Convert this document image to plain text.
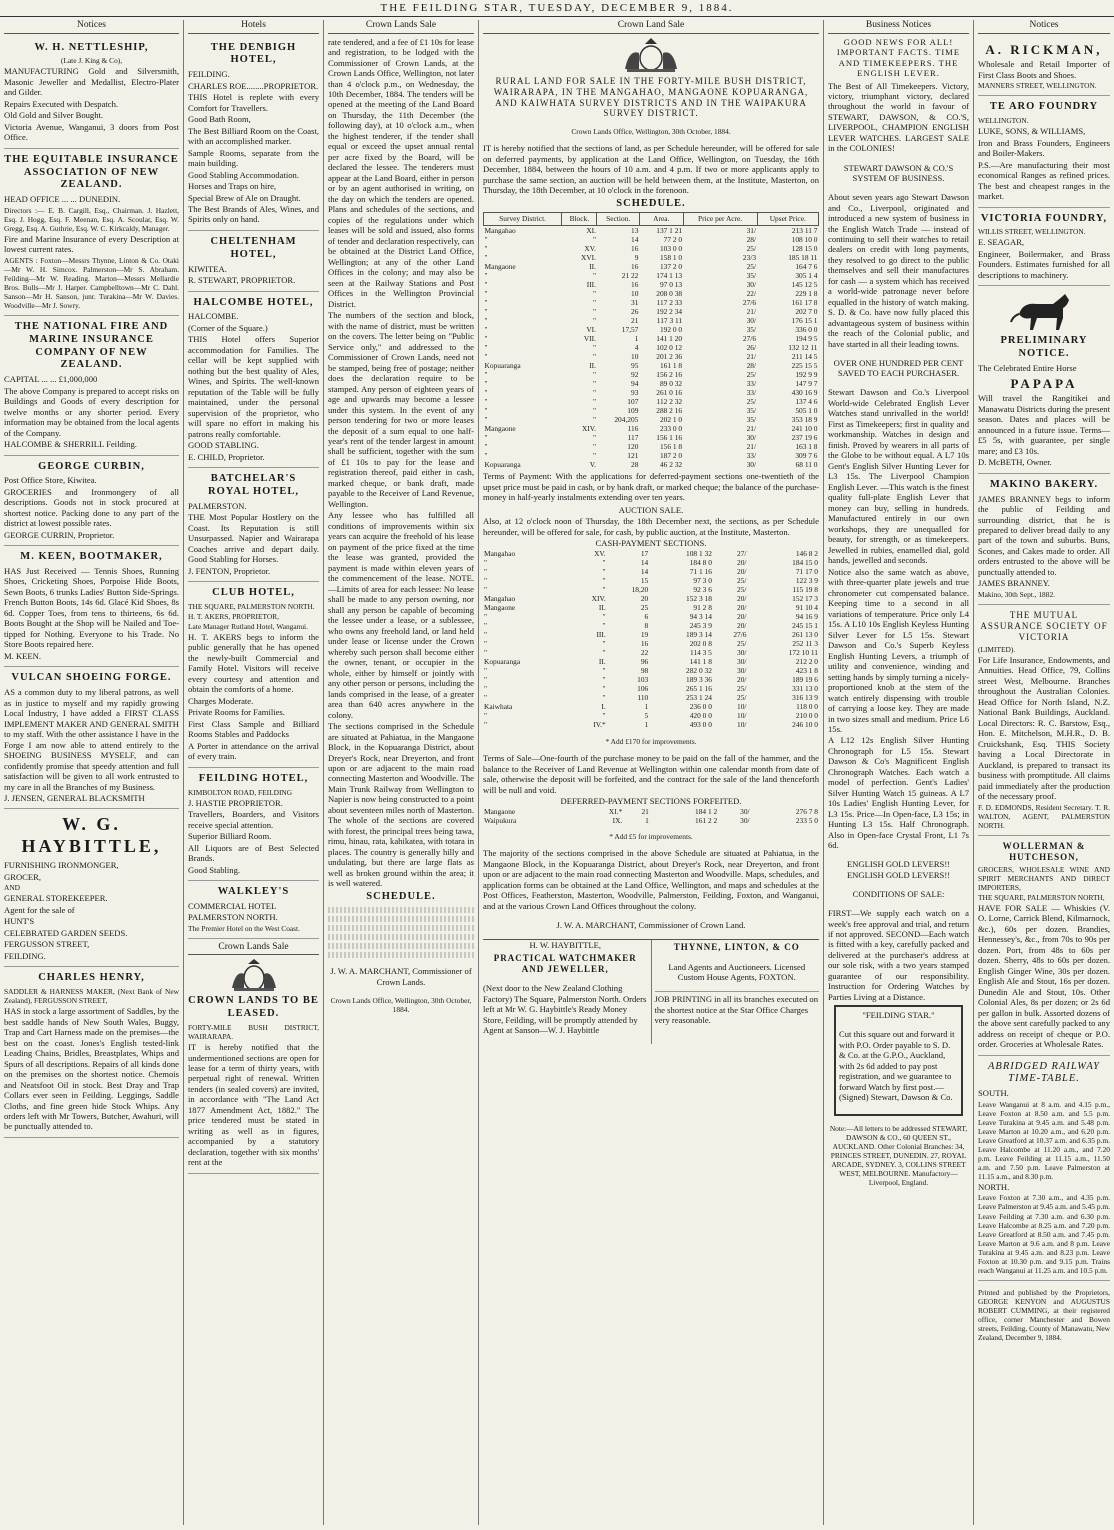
THE FEILDING STAR, TUESDAY, DECEMBER 9, 1884.
Notices
W. H. NETTLESHIP,
(Late J. King & Co),

MANUFACTURING Gold and Silversmith, Masonic Jeweller and Medallist, Electro-Plater and Gilder.

Repairs Executed with Despatch.

Old Gold and Silver Bought.

Victoria Avenue, Wanganui, 3 doors from Post Office.

THE EQUITABLE INSURANCE ASSOCIATION OF NEW ZEALAND.

HEAD OFFICE ... ... DUNEDIN.

Directors :— E. B. Cargill, Esq., Chairman. J. Hazlett, Esq. J. Hogg, Esq. F. Meenan, Esq. A. Scoular, Esq. W. Gregg, Esq. A. Guthrie, Esq. W. C. Kirkcaldy, Manager.

Fire and Marine Insurance of every Description at lowest current rates.

AGENTS : Foxton—Messrs Thynne, Linton & Co. Otaki—Mr W. H. Simcox. Palmerston—Mr S. Abraham. Feilding—Mr W. Reading. Marton—Messrs Mellardie Bros. Bulls—Mr J. Harper. Campbelltown—Mr C. Dahl. Sanson—Mr H. Sanson, junr. Turakina—Mr W. Davies. Woodville—Mr J. Sowry.

THE NATIONAL FIRE AND MARINE INSURANCE COMPANY OF NEW ZEALAND.

CAPITAL ... ... £1,000,000

The above Company is prepared to accept risks on Buildings and Goods of every description for twelve months or any shorter period. Every information may be obtained from the local agents of the Company.

HALCOMBE & SHERRILL Feilding.

GEORGE CURBIN,

Post Office Store, Kiwitea.

GROCERIES and Ironmongery of all descriptions. Goods not in stock procured at shortest notice. Packing done to any part of the district at lowest possible rates.

GEORGE CURRIN, Proprietor.

M. KEEN, BOOTMAKER,

HAS Just Received — Tennis Shoes, Running Shoes, Cricketing Shoes, Porpoise Hide Boots, Sewn Boots, 6 trunks Ladies' Button Side-Springs. French Button Boots, 14s 6d. Glacé Kid Shoes, 8s 6d. Copper Toes, from tens to thirteens, 6s 6d. Boots Bought at the Shop will be Nailed and Toe-tipped for Nothing. Everyone to his Trade. No Store Boots repaired here.

M. KEEN.

VULCAN SHOEING FORGE.

AS a common duty to my liberal patrons, as well as in justice to myself and my rapidly growing Local Industry, I have added a FIRST CLASS IMPLEMENT MAKER AND GENERAL SMITH to my staff. With the other assistance I have in the Forge I am now able to attend entirely to the SHOEING BUSINESS MYSELF, and can confidently promise that speedy attention and full satisfaction will be given to all work entrusted to my care in all the Branches of my Business.

J. JENSEN, GENERAL BLACKSMITH

W. G. HAYBITTLE,

FURNISHING IRONMONGER,

GROCER,

AND

GENERAL STOREKEEPER.

Agent for the sale of

HUNT'S

CELEBRATED GARDEN SEEDS.

FERGUSSON STREET,

FEILDING.

CHARLES HENRY,

SADDLER & HARNESS MAKER, (Next Bank of New Zealand), FERGUSSON STREET,

HAS in stock a large assortment of Saddles, by the best saddle hands of New South Wales, Buggy, Trap and Cart Harness made on the premises—the best on the coast. Jones's English tested-link Leading Chains, Bridles, Breastplates, Whips and Spurs of all descriptions. Repairs of all kinds done on the premises on the shortest notice. Chemois and Neatsfoot Oil in stock. Best Dray and Trap Collars ever seen in Feilding. Leggings, Saddle Cloths, and fine green hide Stock Whips. Any orders left with Mr Towers, Butcher, Awahuri, will be punctually attended to.

Hotels
THE DENBIGH HOTEL,

FEILDING.

CHARLES ROE........PROPRIETOR.

THIS Hotel is replete with every Comfort for Travellers.

Good Bath Room,

The Best Billiard Room on the Coast, with an accomplished marker.

Sample Rooms, separate from the main building.

Good Stabling Accommodation.

Horses and Traps on hire,

Special Brew of Ale on Draught.

The Best Brands of Ales, Wines, and Spirits only on hand.

CHELTENHAM HOTEL,

KIWITEA.

R. STEWART, PROPRIETOR.

HALCOMBE HOTEL,

HALCOMBE.

(Corner of the Square.)

THIS Hotel offers Superior accommodation for Families. The cellar will be kept supplied with nothing but the best quality of Ales, Wines, and Spirits. The well-known reputation of the Table will be fully maintained, under the personal supervision of the proprietor, who will spare no effort in making his patrons really comfortable.

GOOD STABLING.

E. CHILD, Proprietor.

BATCHELAR'S ROYAL HOTEL,

PALMERSTON.

THE Most Popular Hostlery on the Coast. Its Reputation is still Unsurpassed. Napier and Wairarapa Coaches arrive and depart daily. Good Stabling for Horses.

J. FENTON, Proprietor.

CLUB HOTEL,

THE SQUARE, PALMERSTON NORTH.

H. T. AKERS, PROPRIETOR,

Late Manager Rutland Hotel, Wanganui.

H. T. AKERS begs to inform the public generally that he has opened the newly-built Commercial and Family Hotel. Visitors will receive every courtesy and attention and obtain the comforts of a home.

Charges Moderate.

Private Rooms for Families.

First Class Sample and Billiard Rooms Stables and Paddocks

A Porter in attendance on the arrival of every train.

FEILDING HOTEL,

KIMBOLTON ROAD, FEILDING

J. HASTIE PROPRIETOR.

Travellers, Boarders, and Visitors receive special attention.

Superior Billiard Room.

All Liquors are of Best Selected Brands.

Good Stabling.

WALKLEY'S

COMMERCIAL HOTEL

PALMERSTON NORTH.

The Premier Hotel on the West Coast.

Crown Lands Sale
CROWN LANDS TO BE LEASED.

FORTY-MILE BUSH DISTRICT, WAIRARAPA.

IT is hereby notified that the undermentioned sections are open for lease for a term of thirty years, with perpetual right of renewal. Written tenders (in sealed covers) are invited, in accordance with "The Land Act 1877 Amendment Act, 1882." The price tendered must be stated in writing as well as in figures, accompanied by a statutory declaration, together with six months' rent at the

Crown Lands Sale

rate tendered, and a fee of £1 10s for lease and registration, to be lodged with the Commissioner of Crown Lands, at the Crown Lands Office, Wellington, not later than 4 o'clock p.m., on Wednesday, the 10th December, 1884. The tenders will be opened at the meeting of the Land Board on Thursday, the 11th December (the following day), at 10 o'clock a.m., when the highest tenderer, if the tender shall equal or exceed the upset annual rental per acre fixed by the Board, will be declared the lessee. The tenderers must appear at the Land Board, either in person or by an agent authorised in writing, on the day on which the tenders are opened. Plans and schedules of the sections, and copies of the regulations under which leases will be sold and issued, also forms of tender and declaration respectively, can be obtained at the District Land Office, Wellington; at any of the other Land Offices in the colony; and may also be seen at the Railway Stations and Post Offices in the Wellington Provincial District.

The numbers of the section and block, with the name of district, must be written on the covers. The letter being on "Public Service only," and addressed to the Commissioner of Crown Lands, need not be stamped, being free of postage; neither does the declaration require to be stamped. Any person of eighteen years of age and upwards may become a lessee under this system. In the event of any person tendering for two or more leases the deposit of a sum equal to one half-year's rent of the tender largest in amount shall be sufficient, together with the sum of £1 10s to pay for the lease and registration thereof, paid either in cash, marked cheque, or bank draft, made payable to the Receiver of Land Revenue, Wellington.

Any lessee who has fulfilled all conditions of improvements within six years can acquire the freehold of his lease on payment of the price fixed at the time the lease was granted, provided the payment is made within eleven years of the commencement of the lease. NOTE.—Limits of area for each lessee: No lease shall be made to any person owning, nor shall any person be capable of becoming the lessee under a lease, or a sublessee, who owns any freehold land, or land held under lease or license under the Crown whereby such person shall become either the owner, tenant, or occupier in the whole, either by himself or jointly with any other person or persons, including the lands comprised in the lease, of a greater area than 640 acres anywhere in the colony.

The sections comprised in the Schedule are situated at Pahiatua, in the Mangaone Block, in the Kopuaranga District, about Dreyer's Rock, near Dreyerton, and front upon or are adjacent to the main road connecting Masterton and Woodville. The Main Trunk Railway from Wellington to Napier is now being constructed to a point about seventeen miles north of Masterton. The whole of the sections are covered with forest, the principal trees being tawa, rimu, hinau, rata, kahikatea, with totara in places. The country is generally hilly and undulating, but there are large flats as well as broken ground within the area; it is well watered.

SCHEDULE.

J. W. A. MARCHANT, Commissioner of Crown Lands.

Crown Lands Office, Wellington, 30th October, 1884.

Crown Land Sale
RURAL LAND FOR SALE IN THE FORTY-MILE BUSH DISTRICT, WAIRARAPA, IN THE MANGAHAO, MANGAONE KOPUARANGA, AND KAIWHATA SURVEY DISTRICTS AND IN THE WAIPAKURA SURVEY DISTRICT.

Crown Lands Office, Wellington, 30th October, 1884.

IT is hereby notified that the sections of land, as per Schedule hereunder, will be offered for sale on deferred payments, by application at the Land Office, Wellington, on Tuesday, the 16th December, 1884, between the hours of 10 a.m. and 4 p.m. If two or more applicants apply to purchase the same section, an auction will be held between them, at the Institute, Masterton, on Thursday, the 18th December, at 10 o'clock in the forenoon.

SCHEDULE.
Survey District.	Block.	Section.	Area.	Price per Acre.	Upset Price.
Mangahao	XI.	13	137 1 21	31/	213 11 7
"	"	14	77 2 0	28/	108 10 0
"	XV.	16	103 0 0	25/	128 15 0
"	XVI.	9	158 1 0	23/3	185 18 11
Mangaone	II.	16	137 2 0	25/	164 7 6
"	"	21 22	174 1 13	35/	305 1 4
"	III.	16	97 0 13	30/	145 12 5
"	"	10	208 0 38	22/	229 1 8
"	"	31	117 2 33	27/6	161 17 8
"	"	26	192 2 34	21/	202 7 0
"	"	21	117 3 11	30/	176 15 1
"	VI.	17,57	192 0 0	35/	336 0 0
"	VII.	1	141 1 20	27/6	194 9 5
"	"	4	102 0 12	26/	132 12 11
"	"	10	201 2 36	21/	211 14 5
Kopuaranga	II.	95	161 1 8	28/	225 15 5
"	"	92	156 2 16	25/	192 9 9
"	"	94	89 0 32	33/	147 9 7
"	"	93	261 0 16	33/	430 16 9
"	"	107	112 2 32	25/	137 4 6
"	"	109	288 2 16	35/	505 1 0
"	"	204,205	202 1 0	35/	353 18 9
Mangaone	XIV.	116	233 0 0	21/	241 10 0
"	"	117	156 1 16	30/	237 19 6
"	"	120	156 1 8	21/	163 1 8
"	"	121	187 2 0	33/	309 7 6
Kopuaranga	V.	28	46 2 32	30/	68 11 0

Terms of Payment: With the applications for deferred-payment sections one-twentieth of the upset price must be paid in cash, or by bank draft, or marked cheque; the balance of the purchase-money in half-yearly instalments extending over ten years.

AUCTION SALE.

Also, at 12 o'clock noon of Thursday, the 18th December next, the sections, as per Schedule hereunder, will be offered for sale, for cash, by public auction, at the Institute, Masterton.

CASH-PAYMENT SECTIONS.
Mangahao	XV.	17	108 1 32	27/	146 8 2
"	"	14	184 8 0	20/	184 15 0
"	"	14	71 1 16	20/	71 17 0
"	"	15	97 3 0	25/	122 3 9
"	"	18,20	92 3 6	25/	115 19 8
Mangahao	XIV.	20	152 3 18	20/	152 17 3
Mangaone	II.	25	91 2 8	20/	91 10 4
"	"	6	94 3 14	20/	94 16 9
"	"	8	245 3 9	20/	245 15 1
"	III.	19	189 3 14	27/6	261 13 0
"	"	16	202 0 8	25/	252 11 3
"	"	22	114 3 5	30/	172 10 11
Kopuaranga	II.	96	141 1 8	30/	212 2 0
"	"	98	282 0 32	30/	423 1 8
"	"	103	189 3 36	20/	189 19 6
"	"	106	265 1 16	25/	331 13 0
"	"	110	253 1 24	25/	316 13 9
Kaiwhata	I.	1	236 0 0	10/	118 0 0
"	"	5	420 0 0	10/	210 0 0
"	IV.*	1	493 0 0	10/	246 10 0

* Add £170 for improvements.

Terms of Sale—One-fourth of the purchase money to be paid on the fall of the hammer, and the balance to the Receiver of Land Revenue at Wellington within one calendar month from date of sale, otherwise the deposit will be forfeited, and the contract for the sale of the land thenceforth will be null and void.

DEFERRED-PAYMENT SECTIONS FORFEITED.
Mangaone	XI.*	21	184 1 2	30/	276 7 8
Waipukura	IX.	1	161 2 2	30/	233 5 0

* Add £5 for improvements.

The majority of the sections comprised in the above Schedule are situated at Pahiatua, in the Mangaone Block, in the Kopuaranga District, about Dreyer's Rock, near Dreyerton, and front upon or are adjacent to the main road connecting Masterton and Woodville. Maps, schedules, and application forms can be obtained at the Land Office, Wellington, and maps and schedules at the Post Offices, Featherston, Masterton, Woodville, Palmerston, Feilding, Foxton, and Wanganui, and at the various Crown Land Offices throughout the colony.

J. W. A. MARCHANT, Commissioner of Crown Land.

H. W. HAYBITTLE,
PRACTICAL WATCHMAKER AND JEWELLER,

(Next door to the New Zealand Clothing Factory) The Square, Palmerston North. Orders left at Mr W. G. Haybittle's Ready Money Store, Feilding, will be promptly attended by Agent at Sanson—W. J. Haybittle

THYNNE, LINTON, & CO

Land Agents and Auctioneers. Licensed Custom House Agents, FOXTON.

JOB PRINTING in all its branches executed on the shortest notice at the Star Office Charges very reasonable.

Business Notices
GOOD NEWS FOR ALL! IMPORTANT FACTS. TIME AND TIMEKEEPERS. THE ENGLISH LEVER.

The Best of All Timekeepers. Victory, victory, triumphant victory, declared throughout the world in favour of STEWART, DAWSON, & CO.'S, LIVERPOOL, CHAMPION ENGLISH LEVER WATCHES. LARGEST SALE in the COLONIES!

STEWART DAWSON & CO.'S SYSTEM OF BUSINESS.

About seven years ago Stewart Dawson and Co., Liverpool, originated and introduced a new system of business in the English Watch Trade — instead of continuing to sell their watches to retail dealers on credit with long payments, they resolved to go direct to the public themselves and sell their manufactures for cash — a system which has received a world-wide patronage never before equalled in the history of watch making. S. D. & Co. have now fully placed this advantageous system of business within the reach of the Colonial public, and have started in all their leading towns.

OVER ONE HUNDRED PER CENT SAVED TO EACH PURCHASER.

Stewart Dawson and Co.'s Liverpool World-wide Celebrated English Lever Watches stand unrivalled in the world! First as Timekeepers; first in quality and workmanship. Watches in design and finish. Proved by wearers in all parts of the Globe to be without equal. A L7 10s Gent's English Silver Hunting Lever for L3 15s. The Liverpool Champion English Lever. —This watch is the finest quality full-plate English Lever that money can buy, selling in hundreds. Manufactured entirely in our own workshops, they are unequalled for beauty, for strength, or as timekeepers. Jewelled in rubies, enamelled dial, gold hands, jewelled and seconds.

Notice also the same watch as above, with three-quarter plate jewels and true chronometer cut compensated balance. Keeping time to a second in all variations of temperature. Price only L4 15s. A L10 10s English Keyless Hunting Silver Lever for L5 15s. Stewart Dawson and Co.'s Superb Keyless English Hunting Levers, a triumph of utility and convenience, winding and setting hands by simply turning a nicely-proportioned knob at the stem of the watch entirely dispensing with trouble of carrying a loose key. They are made in two sizes small and medium. Price L6 15s.

A L12 12s English Silver Hunting Chronograph for L5 15s. Stewart Dawson & Co's Magnificent English Chronograph Watches. Each watch a model of perfection. Gent's Ladies' Silver Hunting Watch 15 guineas. A L7 10s Ladies' English Hunting Lever, for L3 15s. Price—In Open-face, L3 15s; in Hunting L3 15s. Half Chronograph. Also in Open-face Crystal Front, L1 7s 6d.

ENGLISH GOLD LEVERS!! ENGLISH GOLD LEVERS!!

CONDITIONS OF SALE:

FIRST—We supply each watch on a week's free approval and trial, and return if not approved. SECOND—Each watch is fitted with a key, carefully packed and delivered at the purchaser's address at our sole risk, with a two years stamped guarantee of our responsibility. Instruction for Ordering Watches by Parties Living at a Distance.

"FEILDING STAR."

Cut this square out and forward it with P.O. Order payable to S. D. & Co. at the G.P.O., Auckland, with 2s 6d added to pay post registration, and we guarantee to forward Watch by first post.—(Signed) Stewart, Dawson & Co.

Note:—All letters to be addressed STEWART, DAWSON & CO., 60 QUEEN ST., AUCKLAND. Other Colonial Branches: 34, PRINCES STREET, DUNEDIN. 27, ROYAL ARCADE, SYDNEY. 3, COLLINS STREET WEST, MELBOURNE. Manufactory—Liverpool, England.

Notices
A. RICKMAN,

Wholesale and Retail Importer of First Class Boots and Shoes.

MANNERS STREET, WELLINGTON.

TE ARO FOUNDRY

WELLINGTON.

LUKE, SONS, & WILLIAMS,

Iron and Brass Founders, Engineers and Boiler-Makers.

P.S.—Are manufacturing their most economical Ranges as refined prices. The best and cheapest ranges in the market.

VICTORIA FOUNDRY,

WILLIS STREET, WELLINGTON.

E. SEAGAR,

Engineer, Boilermaker, and Brass Founders. Estimates furnished for all descriptions to machinery.

PRELIMINARY NOTICE.

The Celebrated Entire Horse

PAPAPA

Will travel the Rangitikei and Manawatu Districts during the present season. Dates and places will be announced in a future issue. Terms—£5 5s, with guarantee, per single mare; and £3 10s.

D. McBETH, Owner.

MAKINO BAKERY.

JAMES BRANNEY begs to inform the public of Feilding and surrounding district, that he is prepared to deliver bread daily to any part of the town and suburbs. Buns, Scones, and Cakes made to order. All orders entrusted to the above will be punctually attended to.

JAMES BRANNEY.

Makino, 30th Sept., 1882.

THE MUTUAL ASSURANCE SOCIETY OF VICTORIA

(LIMITED).

For Life Insurance, Endowments, and Annuities. Head Office, 79, Collins street West, Melbourne. Branches throughout the Australian Colonies. Head Office for North Island, N.Z. National Bank Buildings, Auckland. Local Directors: R. C. Barstow, Esq., Hon. E. Mitchelson, M.H.R., D. B. Cruickshank, Esq. THIS Society having a Local Directorate in Auckland, is prepared to transact its business with promptitude. All claims paid immediately after the production of the necessary proof.

F. D. EDMONDS, Resident Secretary. T. R. WALTON, AGENT, PALMERSTON NORTH.

WOLLERMAN & HUTCHESON,

GROCERS, WHOLESALE WINE AND SPIRIT MERCHANTS AND DIRECT IMPORTERS,

THE SQUARE, PALMERSTON NORTH,

HAVE FOR SALE — Whiskies (V. O. Lorne, Carrick Blend, Kilmarnock, &c.), 60s per dozen. Brandies, Hennessey's, &c., from 70s to 90s per dozen. Port, from 48s to 60s per dozen. Sherry, 48s to 60s per dozen. English Ginger Wine, 30s per dozen. English Ale and Stout, 16s per dozen. Dunedin Ale and Stout, 10s. Other Colonial Ales, 8s per dozen; or 2s 6d per gallon in bulk. Assorted dozens of the above sent carefully packed to any address on receipt of cheque or P.O. order. Groceries at Wholesale Rates.

ABRIDGED RAILWAY TIME-TABLE.

SOUTH.

Leave Wanganui at 8 a.m. and 4.15 p.m., Leave Foxton at 8.50 a.m. and 5.5 p.m. Leave Turakina at 9.45 a.m. and 5.48 p.m. Leave Marton at 10.20 a.m., and 6.20 p.m. Leave Greatford at 10.37 a.m. and 6.35 p.m. Leave Halcombe at 11.20 a.m., and 7.20 p.m. Leave Feilding at 11.15 a.m., 11.50 a.m. and 7.50 p.m. Leave Palmerston at 11.15 a.m., and 8.30 p.m.

NORTH.

Leave Foxton at 7.30 a.m., and 4.35 p.m. Leave Palmerston at 9.45 a.m. and 5.45 p.m. Leave Feilding at 7.30 a.m. and 6.30 p.m. Leave Halcombe at 8.25 a.m. and 7.20 p.m. Leave Greatford at 8.50 a.m. and 7.45 p.m. Leave Marton at 9.6 a.m. and 8 p.m. Leave Turakina at 9.45 a.m. and 8.23 p.m. Leave Foxton at 10.30 p.m. and 9.15 p.m. Trains reach Wanganui at 11.25 a.m. and 10.5 p.m.

Printed and published by the Proprietors, GEORGE KENYON and AUGUSTUS ROBERT CUMMING, at their registered office, corner Manchester and Bowen streets, Feilding, County of Manawatu, New Zealand, December 9, 1884.
